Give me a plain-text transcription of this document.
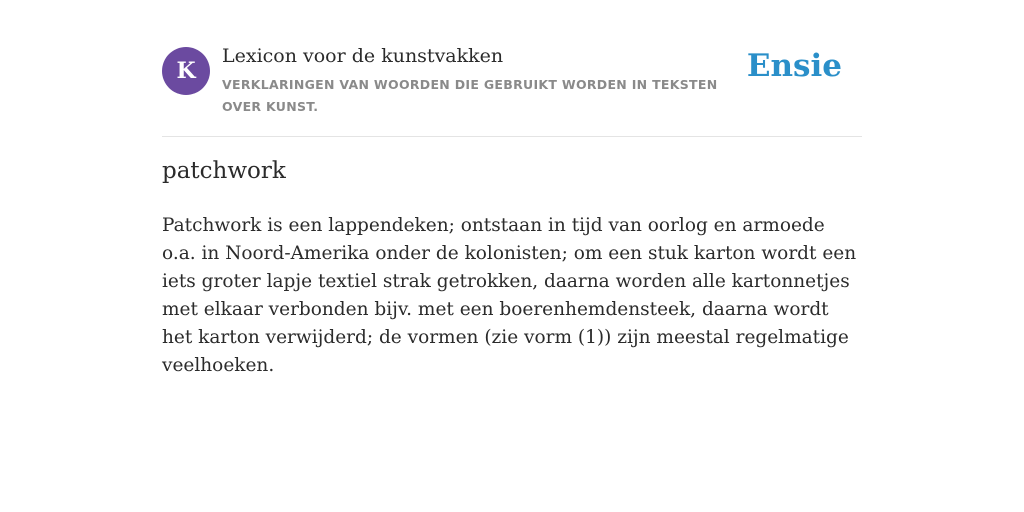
K
Lexicon voor de kunstvakken
VERKLARINGEN VAN WOORDEN DIE GEBRUIKT WORDEN IN TEKSTEN OVER KUNST.
Ensie
patchwork

Patchwork is een lappendeken; ontstaan in tijd van oorlog en armoede o.a. in Noord-Amerika onder de kolonisten; om een stuk karton wordt een iets groter lapje textiel strak getrokken, daarna worden alle kartonnetjes met elkaar verbonden bijv. met een boerenhemdensteek, daarna wordt het karton verwijderd; de vormen (zie vorm (1)) zijn meestal regelmatige veelhoeken.
